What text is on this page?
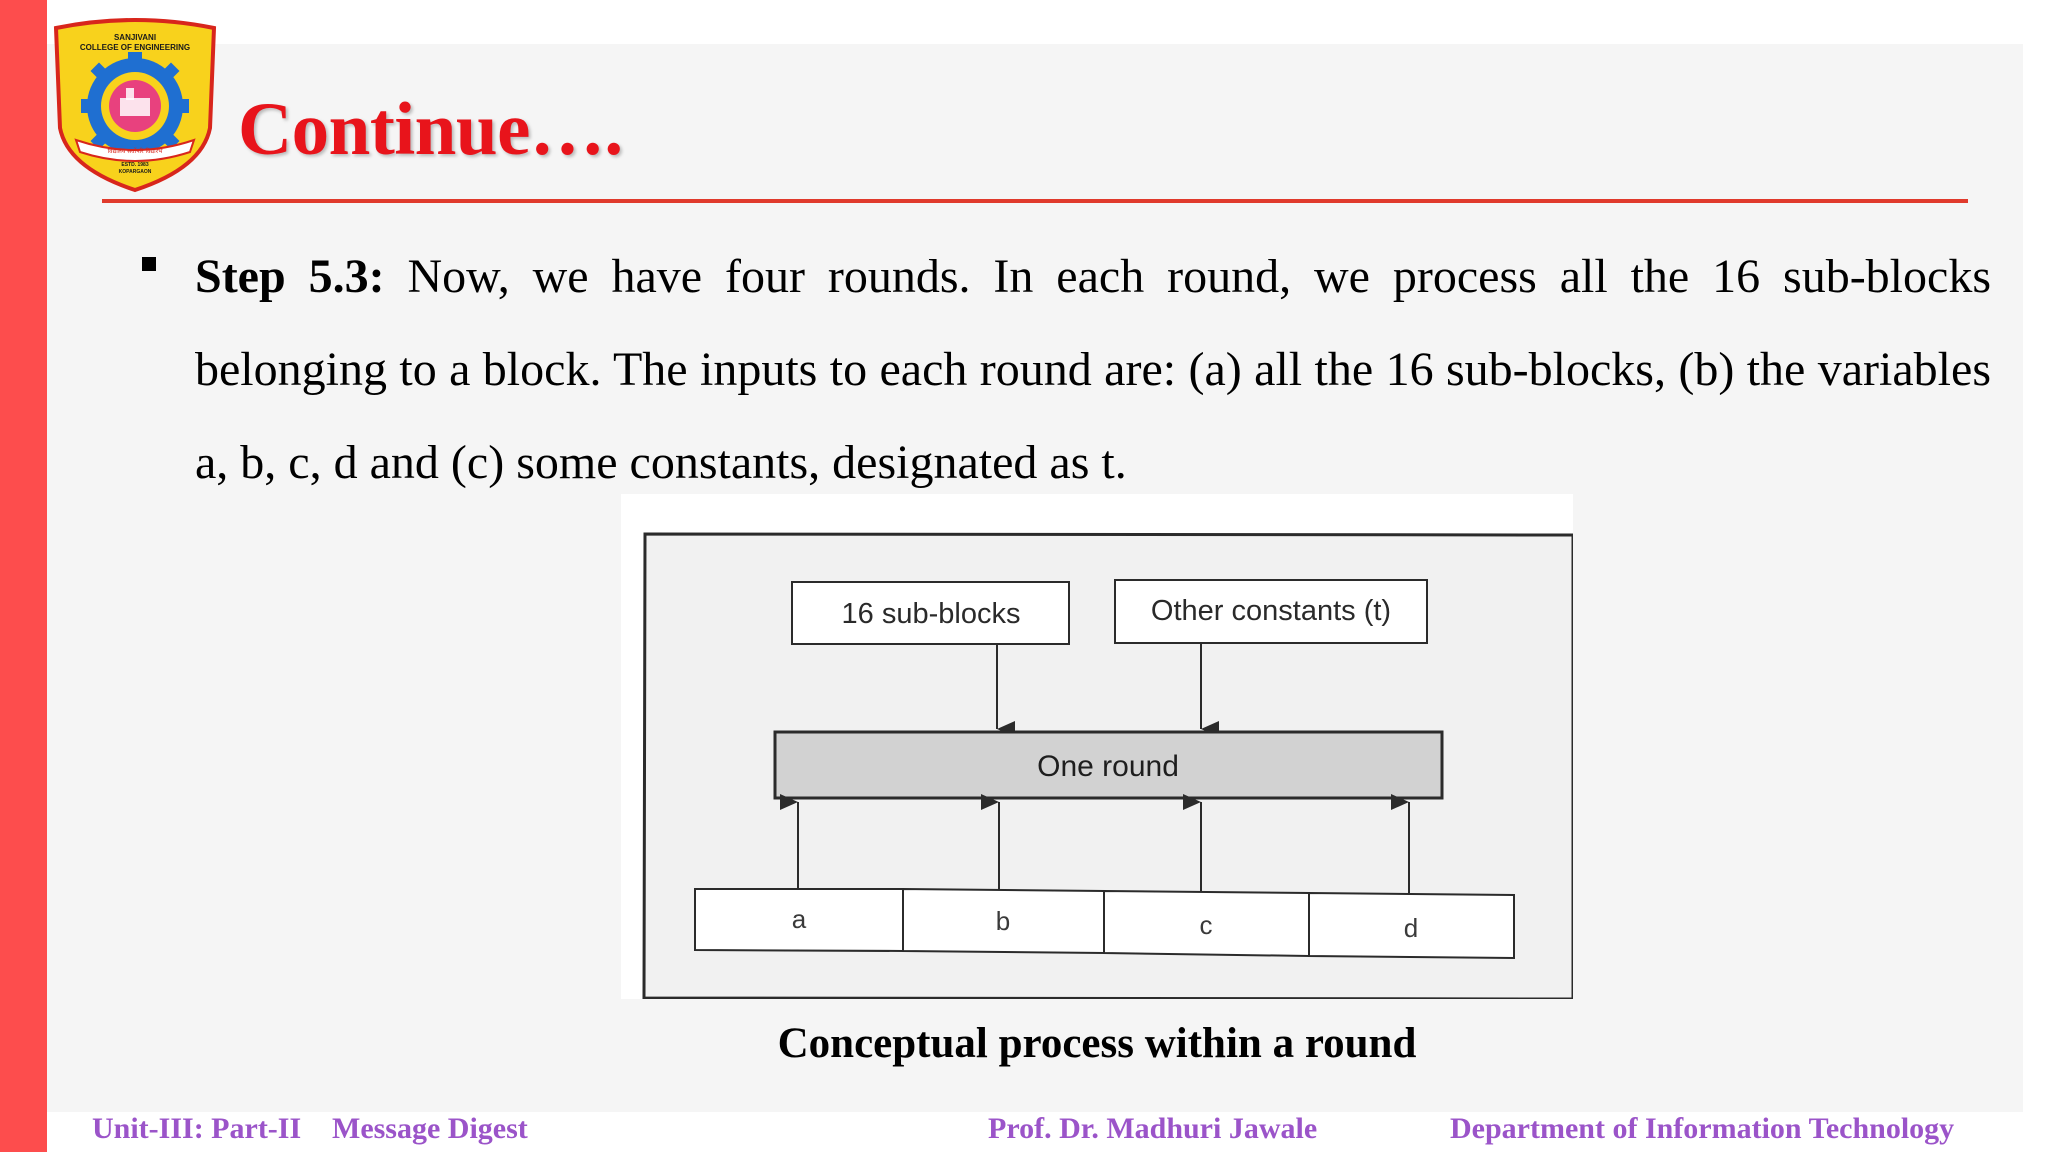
SANJIVANI
COLLEGE OF ENGINEERING
विद्यालय सर्वोपरि विद्यारंभ
ESTD. 1983
KOPARGAON
Continue….
Step 5.3: Now, we have four rounds. In each round, we process all the 16 sub-blocks belonging to a block. The inputs to each round are: (a) all the 16 sub-blocks, (b) the variables a, b, c, d and (c) some constants, designated as t.
16 sub-blocks	Other constants (t)
One round
a	b	c	d
Conceptual process within a round
Unit-III: Part-II Message Digest	Prof. Dr. Madhuri Jawale	Department of Information Technology
